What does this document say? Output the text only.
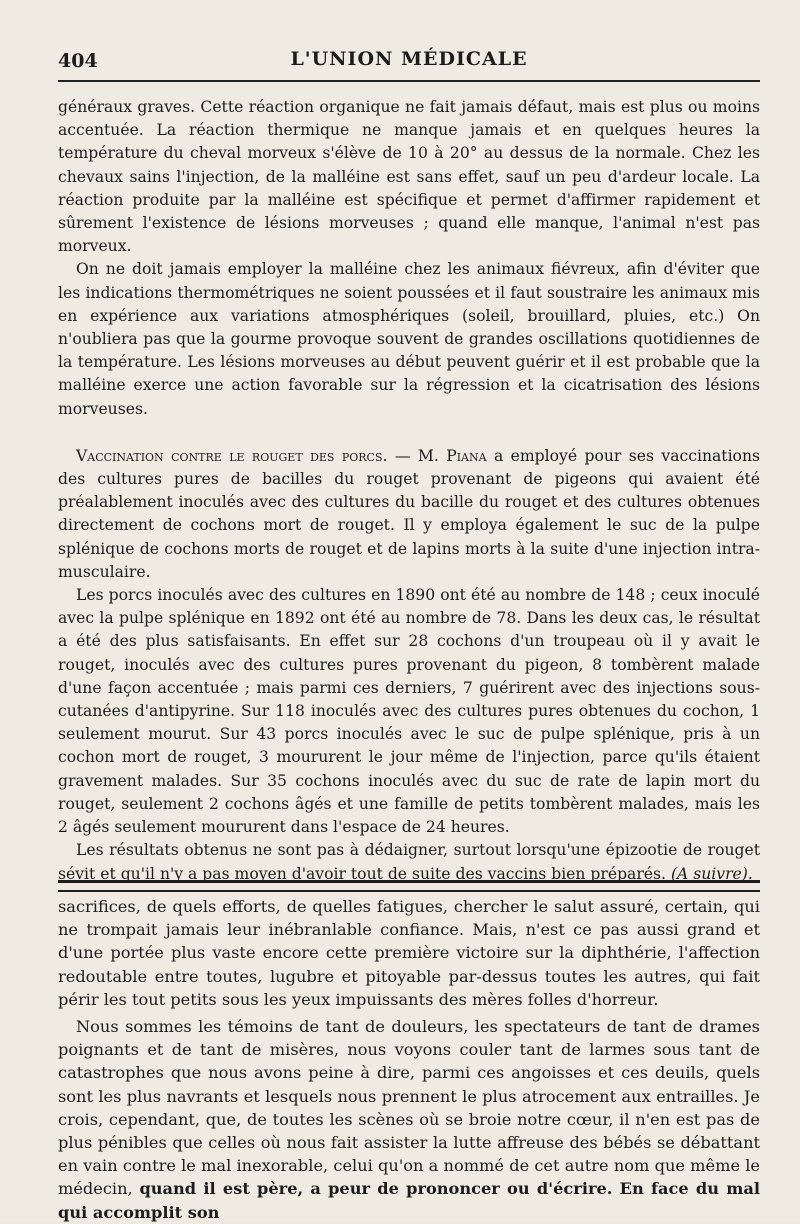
404	L'UNION MÉDICALE

généraux graves. Cette réaction organique ne fait jamais défaut, mais est plus ou moins accentuée. La réaction thermique ne manque jamais et en quelques heures la température du cheval morveux s'élève de 10 à 20° au dessus de la normale. Chez les chevaux sains l'injection, de la malléine est sans effet, sauf un peu d'ardeur locale. La réaction produite par la malléine est spécifique et permet d'affirmer rapidement et sûrement l'existence de lésions morveuses ; quand elle manque, l'animal n'est pas morveux.

On ne doit jamais employer la malléine chez les animaux fiévreux, afin d'éviter que les indications thermométriques ne soient poussées et il faut soustraire les animaux mis en expérience aux variations atmosphériques (soleil, brouillard, pluies, etc.) On n'oubliera pas que la gourme provoque souvent de grandes oscillations quotidiennes de la température. Les lésions morveuses au début peuvent guérir et il est probable que la malléine exerce une action favorable sur la régression et la cicatrisation des lésions morveuses.

Vaccination contre le rouget des porcs. — M. Piana a employé pour ses vaccinations des cultures pures de bacilles du rouget provenant de pigeons qui avaient été préalablement inoculés avec des cultures du bacille du rouget et des cultures obtenues directement de cochons mort de rouget. Il y employa également le suc de la pulpe splénique de cochons morts de rouget et de lapins morts à la suite d'une injection intra-musculaire.

Les porcs inoculés avec des cultures en 1890 ont été au nombre de 148 ; ceux inoculé avec la pulpe splénique en 1892 ont été au nombre de 78. Dans les deux cas, le résultat a été des plus satisfaisants. En effet sur 28 cochons d'un troupeau où il y avait le rouget, inoculés avec des cultures pures provenant du pigeon, 8 tombèrent malade d'une façon accentuée ; mais parmi ces derniers, 7 guérirent avec des injections sous-cutanées d'antipyrine. Sur 118 inoculés avec des cultures pures obtenues du cochon, 1 seulement mourut. Sur 43 porcs inoculés avec le suc de pulpe splénique, pris à un cochon mort de rouget, 3 moururent le jour même de l'injection, parce qu'ils étaient gravement malades. Sur 35 cochons inoculés avec du suc de rate de lapin mort du rouget, seulement 2 cochons âgés et une famille de petits tombèrent malades, mais les 2 âgés seulement moururent dans l'espace de 24 heures.

Les résultats obtenus ne sont pas à dédaigner, surtout lorsqu'une épizootie de rouget sévit et qu'il n'y a pas moyen d'avoir tout de suite des vaccins bien préparés. (A suivre).

sacrifices, de quels efforts, de quelles fatigues, chercher le salut assuré, certain, qui ne trompait jamais leur inébranlable confiance. Mais, n'est ce pas aussi grand et d'une portée plus vaste encore cette première victoire sur la diphthérie, l'affection redoutable entre toutes, lugubre et pitoyable par-dessus toutes les autres, qui fait périr les tout petits sous les yeux impuissants des mères folles d'horreur.

Nous sommes les témoins de tant de douleurs, les spectateurs de tant de drames poignants et de tant de misères, nous voyons couler tant de larmes sous tant de catastrophes que nous avons peine à dire, parmi ces angoisses et ces deuils, quels sont les plus navrants et lesquels nous prennent le plus atrocement aux entrailles. Je crois, cependant, que, de toutes les scènes où se broie notre cœur, il n'en est pas de plus pénibles que celles où nous fait assister la lutte affreuse des bébés se débattant en vain contre le mal inexorable, celui qu'on a nommé de cet autre nom que même le médecin, quand il est père, a peur de prononcer ou d'écrire. En face du mal qui accomplit son
